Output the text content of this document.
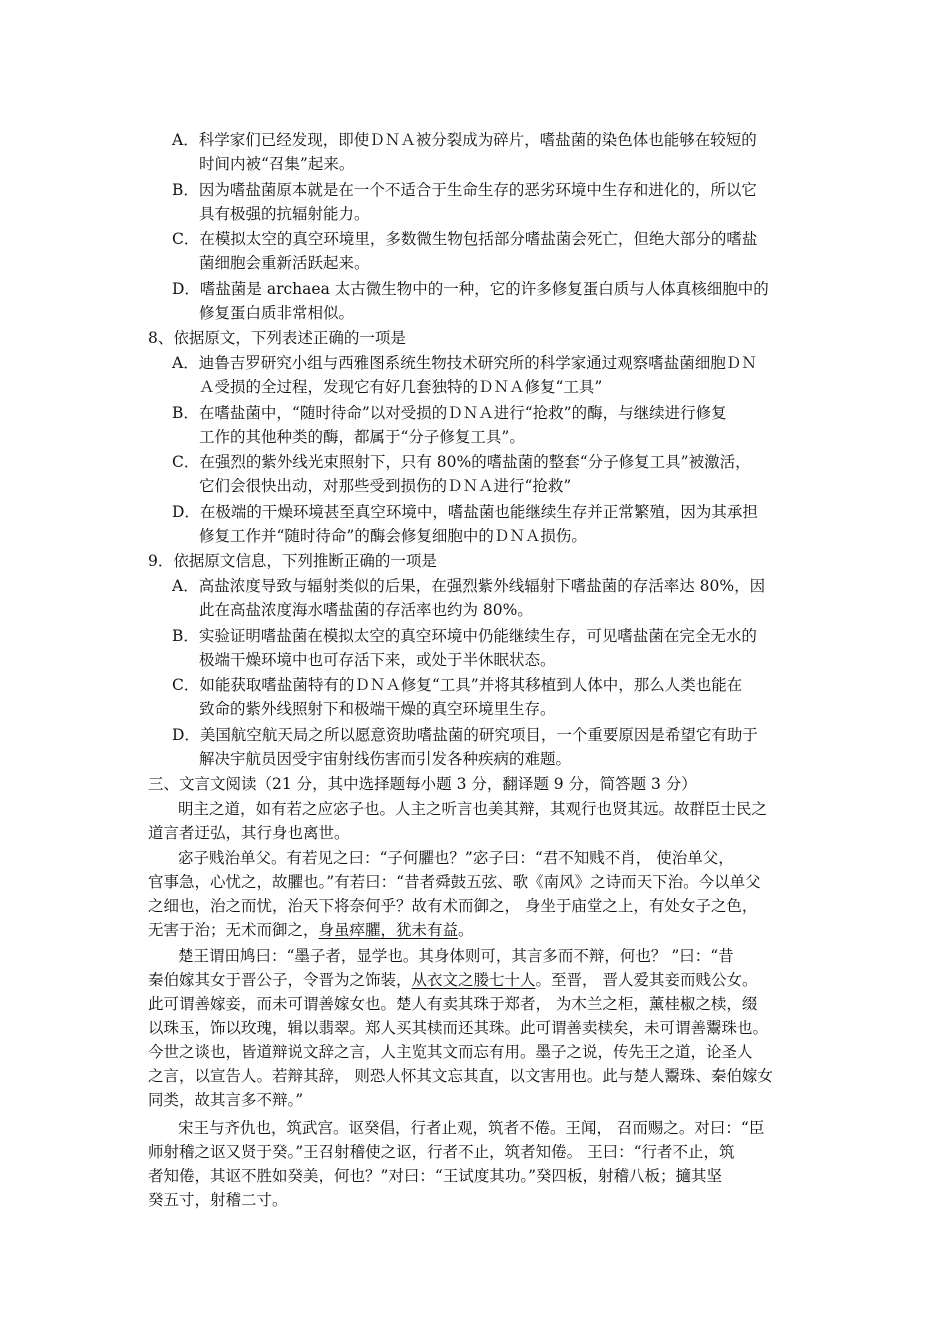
A．科学家们已经发现，即使ＤＮＡ被分裂成为碎片，嗜盐菌的染色体也能够在较短的
时间内被“召集”起来。
B．因为嗜盐菌原本就是在一个不适合于生命生存的恶劣环境中生存和进化的，所以它
具有极强的抗辐射能力。
C．在模拟太空的真空环境里，多数微生物包括部分嗜盐菌会死亡，但绝大部分的嗜盐
菌细胞会重新活跃起来。
D．嗜盐菌是 archaea 太古微生物中的一种，它的许多修复蛋白质与人体真核细胞中的
修复蛋白质非常相似。
8、依据原文，下列表述正确的一项是
A．迪鲁吉罗研究小组与西雅图系统生物技术研究所的科学家通过观察嗜盐菌细胞ＤＮ
Ａ受损的全过程，发现它有好几套独特的ＤＮＡ修复“工具”
B．在嗜盐菌中，“随时待命”以对受损的ＤＮＡ进行“抢救”的酶，与继续进行修复
工作的其他种类的酶，都属于“分子修复工具”。
C．在强烈的紫外线光束照射下，只有 80%的嗜盐菌的整套“分子修复工具”被激活，
它们会很快出动，对那些受到损伤的ＤＮＡ进行“抢救”
D．在极端的干燥环境甚至真空环境中，嗜盐菌也能继续生存并正常繁殖，因为其承担
修复工作并“随时待命”的酶会修复细胞中的ＤＮＡ损伤。
9．依据原文信息，下列推断正确的一项是
A．高盐浓度导致与辐射类似的后果，在强烈紫外线辐射下嗜盐菌的存活率达 80%，因
此在高盐浓度海水嗜盐菌的存活率也约为 80%。
B．实验证明嗜盐菌在模拟太空的真空环境中仍能继续生存，可见嗜盐菌在完全无水的
极端干燥环境中也可存活下来，或处于半休眠状态。
C．如能获取嗜盐菌特有的ＤＮＡ修复“工具”并将其移植到人体中，那么人类也能在
致命的紫外线照射下和极端干燥的真空环境里生存。
D．美国航空航天局之所以愿意资助嗜盐菌的研究项目，一个重要原因是希望它有助于
解决宇航员因受宇宙射线伤害而引发各种疾病的难题。
三、文言文阅读（21 分，其中选择题每小题 3 分，翻译题 9 分，简答题 3 分）
明主之道，如有若之应宓子也。人主之听言也美其辩，其观行也贤其远。故群臣士民之
道言者迂弘，其行身也离世。
宓子贱治单父。有若见之曰：“子何臞也？”宓子曰：“君不知贱不肖， 使治单父，
官事急，心忧之，故臞也。”有若曰：“昔者舜鼓五弦、歌《南风》之诗而天下治。今以单父
之细也，治之而忧，治天下将奈何乎？故有术而御之， 身坐于庙堂之上，有处女子之色，
无害于治；无术而御之，身虽瘁臞，犹未有益。
楚王谓田鸠曰：“墨子者，显学也。其身体则可，其言多而不辩，何也？ ”曰：“昔
秦伯嫁其女于晋公子，令晋为之饰装，从衣文之媵七十人。至晋， 晋人爱其妾而贱公女。
此可谓善嫁妾，而未可谓善嫁女也。楚人有卖其珠于郑者， 为木兰之柜，薰桂椒之椟，缀
以珠玉，饰以玫瑰，辑以翡翠。郑人买其椟而还其珠。此可谓善卖椟矣，未可谓善鬻珠也。
今世之谈也，皆道辩说文辞之言，人主览其文而忘有用。墨子之说，传先王之道，论圣人
之言，以宣告人。若辩其辞， 则恐人怀其文忘其直，以文害用也。此与楚人鬻珠、秦伯嫁女
同类，故其言多不辩。”
宋王与齐仇也，筑武宫。讴癸倡，行者止观，筑者不倦。王闻， 召而赐之。对曰：“臣
师射稽之讴又贤于癸。”王召射稽使之讴，行者不止，筑者知倦。 王曰：“行者不止，筑
者知倦，其讴不胜如癸美，何也？”对曰：“王试度其功。”癸四板，射稽八板；擿其坚
癸五寸，射稽二寸。
